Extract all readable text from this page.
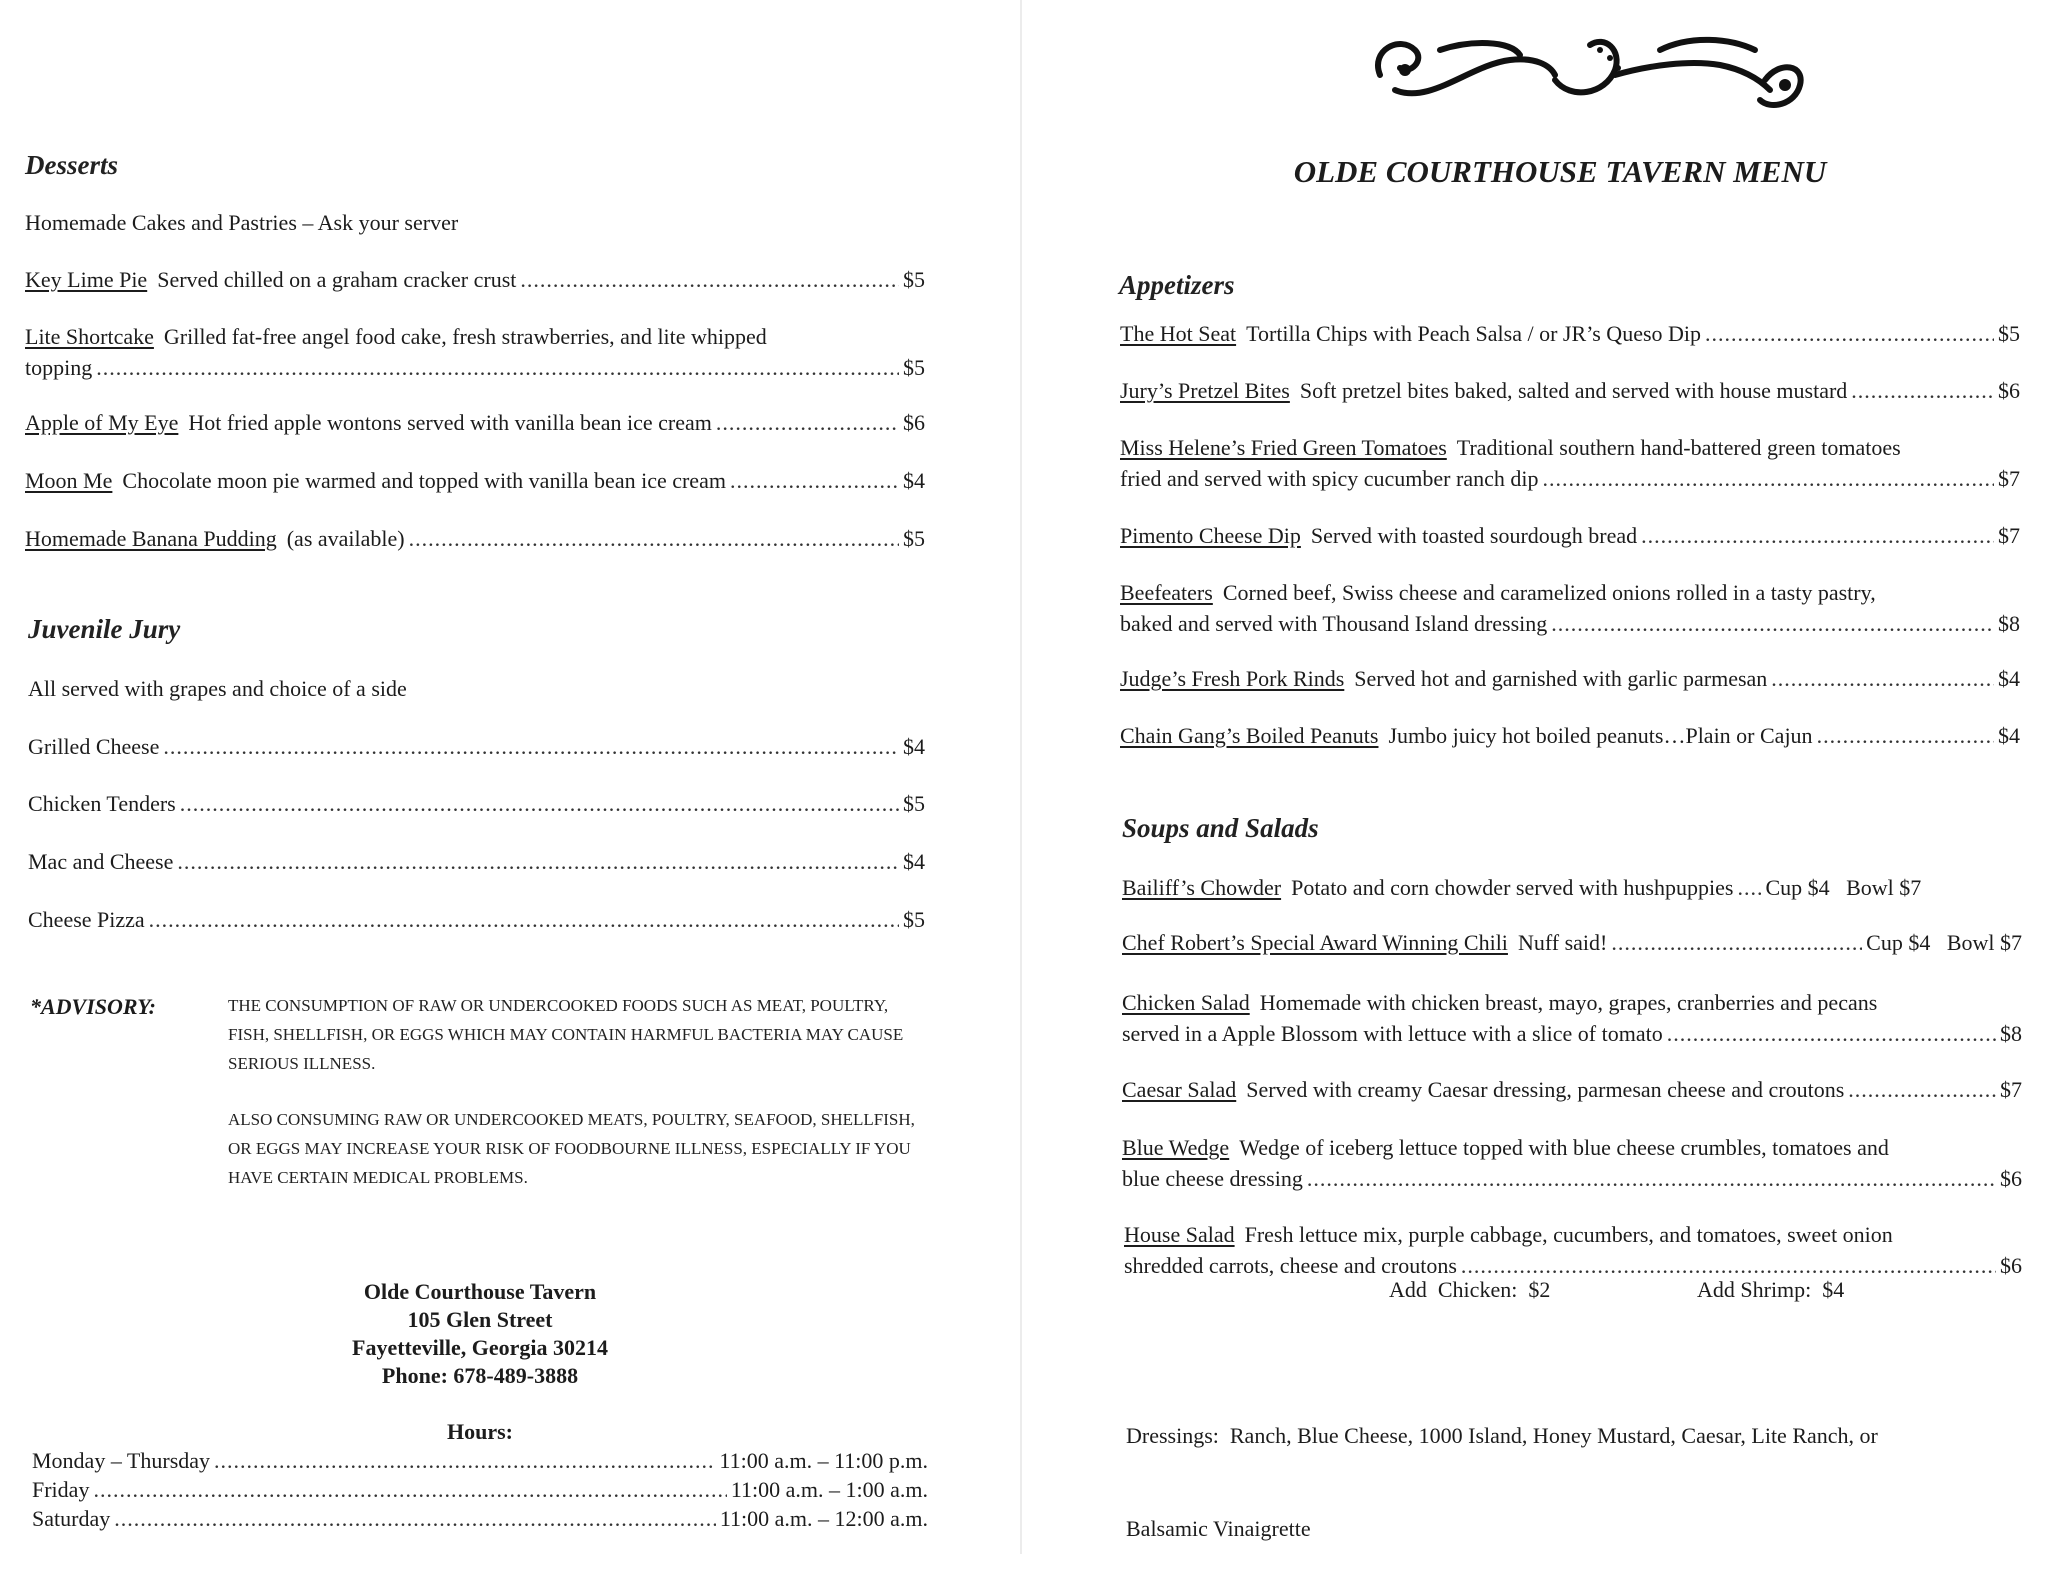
Desserts
Homemade Cakes and Pastries – Ask your server
Key Lime Pie Served chilled on a graham cracker crust .....	$5
Lite Shortcake Grilled fat-free angel food cake, fresh strawberries, and lite whipped
topping .....	$5
Apple of My Eye Hot fried apple wontons served with vanilla bean ice cream .....	$6
Moon Me Chocolate moon pie warmed and topped with vanilla bean ice cream .....	$4
Homemade Banana Pudding (as available) .....	$5
Juvenile Jury
All served with grapes and choice of a side
Grilled Cheese .....	$4
Chicken Tenders .....	$5
Mac and Cheese .....	$4
Cheese Pizza .....	$5
*ADVISORY:	THE CONSUMPTION OF RAW OR UNDERCOOKED FOODS SUCH AS MEAT, POULTRY, FISH, SHELLFISH, OR EGGS WHICH MAY CONTAIN HARMFUL BACTERIA MAY CAUSE SERIOUS ILLNESS.
ALSO CONSUMING RAW OR UNDERCOOKED MEATS, POULTRY, SEAFOOD, SHELLFISH, OR EGGS MAY INCREASE YOUR RISK OF FOODBOURNE ILLNESS, ESPECIALLY IF YOU HAVE CERTAIN MEDICAL PROBLEMS.
Olde Courthouse Tavern
105 Glen Street
Fayetteville, Georgia 30214
Phone: 678-489-3888
Hours:
Monday – Thursday .....	11:00 a.m. – 11:00 p.m.
Friday .....	11:00 a.m. – 1:00 a.m.
Saturday .....	11:00 a.m. – 12:00 a.m.
OLDE COURTHOUSE TAVERN MENU
Appetizers
The Hot Seat Tortilla Chips with Peach Salsa / or JR’s Queso Dip .....	$5
Jury’s Pretzel Bites Soft pretzel bites baked, salted and served with house mustard .....	$6
Miss Helene’s Fried Green Tomatoes Traditional southern hand-battered green tomatoes
fried and served with spicy cucumber ranch dip .....	$7
Pimento Cheese Dip Served with toasted sourdough bread .....	$7
Beefeaters Corned beef, Swiss cheese and caramelized onions rolled in a tasty pastry,
baked and served with Thousand Island dressing .....	$8
Judge’s Fresh Pork Rinds Served hot and garnished with garlic parmesan .....	$4
Chain Gang’s Boiled Peanuts Jumbo juicy hot boiled peanuts…Plain or Cajun .....	$4
Soups and Salads
Bailiff’s Chowder Potato and corn chowder served with hushpuppies ..... Cup $4   Bowl $7
Chef Robert’s Special Award Winning Chili Nuff said! .....	Cup $4   Bowl $7
Chicken Salad Homemade with chicken breast, mayo, grapes, cranberries and pecans
served in a Apple Blossom with lettuce with a slice of tomato .....	$8
Caesar Salad Served with creamy Caesar dressing, parmesan cheese and croutons .....	$7
Blue Wedge Wedge of iceberg lettuce topped with blue cheese crumbles, tomatoes and
blue cheese dressing .....	$6
House Salad Fresh lettuce mix, purple cabbage, cucumbers, and tomatoes, sweet onion
shredded carrots, cheese and croutons .....	$6
Add  Chicken:  $2	Add Shrimp:  $4

Dressings:  Ranch, Blue Cheese, 1000 Island, Honey Mustard, Caesar, Lite Ranch, or

Balsamic Vinaigrette
